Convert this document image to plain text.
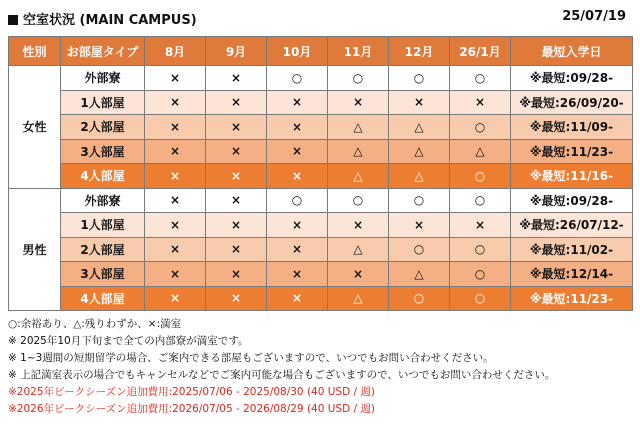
空室状況 (MAIN CAMPUS)	25/07/19
性別	お部屋タイプ	8月	9月	10月	11月	12月	26/1月	最短入学日
女性	外部寮	×	×	○	○	○	○	※最短:09/28-
	1人部屋	×	×	×	×	×	×	※最短:26/09/20-
	2人部屋	×	×	×	△	△	○	※最短:11/09-
	3人部屋	×	×	×	△	△	△	※最短:11/23-
	4人部屋	×	×	×	△	△	○	※最短:11/16-
男性	外部寮	×	×	○	○	○	○	※最短:09/28-
	1人部屋	×	×	×	×	×	×	※最短:26/07/12-
	2人部屋	×	×	×	△	○	○	※最短:11/02-
	3人部屋	×	×	×	×	△	○	※最短:12/14-
	4人部屋	×	×	×	△	○	○	※最短:11/23-
○:余裕あり、△:残りわずか、×:満室
※ 2025年10月下旬まで全ての内部寮が満室です。
※ 1~3週間の短期留学の場合、ご案内できる部屋もございますので、いつでもお問い合わせください。
※ 上記満室表示の場合でもキャンセルなどでご案内可能な場合もございますので、いつでもお問い合わせください。
※2025年ピークシーズン追加費用:2025/07/06 - 2025/08/30 (40 USD / 週)
※2026年ピークシーズン追加費用:2026/07/05 - 2026/08/29 (40 USD / 週)
